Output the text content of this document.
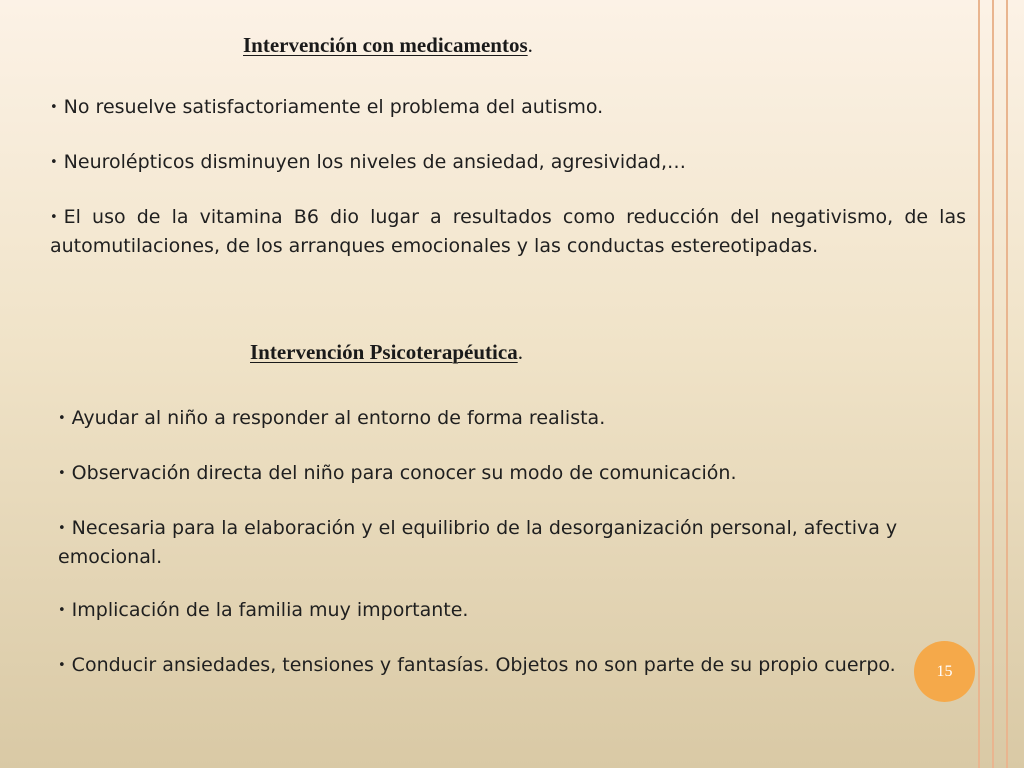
Intervención con medicamentos.
• No resuelve satisfactoriamente el problema del autismo.
• Neurolépticos disminuyen los niveles de ansiedad, agresividad,…
• El uso de la vitamina B6 dio lugar a resultados como reducción del negativismo, de las automutilaciones, de los arranques emocionales y las conductas estereotipadas.
Intervención Psicoterapéutica.
• Ayudar al niño a responder al entorno de forma realista.
• Observación directa del niño para conocer su modo de comunicación.
• Necesaria para la elaboración y el equilibrio de la desorganización personal, afectiva y emocional.
• Implicación de la familia muy importante.
• Conducir ansiedades, tensiones y fantasías. Objetos no son parte de su propio cuerpo.	15
